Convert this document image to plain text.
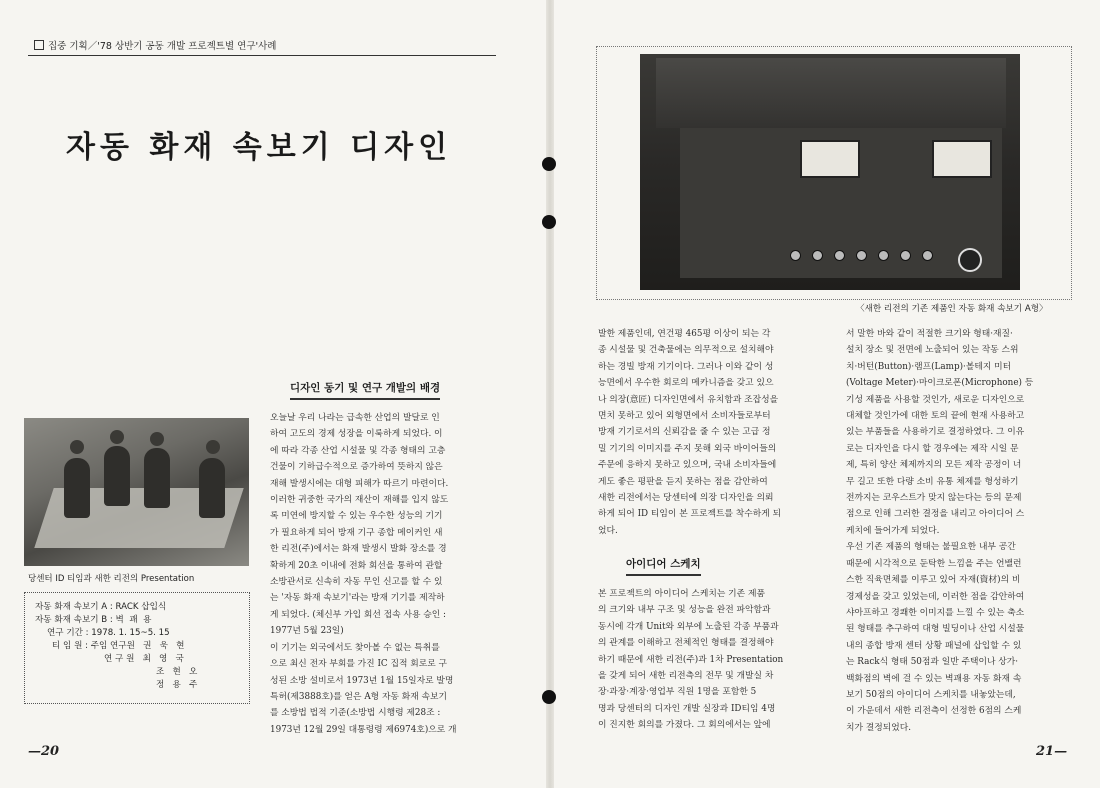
집중 기획／'78 상반기 공동 개발 프로젝트별 연구'사례
자동 화재 속보기 디자인
디자인 동기 및 연구 개발의 배경
오늘날 우리 나라는 급속한 산업의 발달로 인
하여 고도의 경제 성장을 이룩하게 되었다. 이
에 따라 각종 산업 시설물 및 각종 형태의 고층
건물이 기하급수적으로 증가하여 뜻하지 않은
재해 발생시에는 대형 피해가 따르기 마련이다.
이러한 귀중한 국가의 재산이 재해를 입지 않도
록 미연에 방지할 수 있는 우수한 성능의 기기
가 필요하게 되어 방재 기구 종합 메이커인 새
한 리전(주)에서는 화재 발생시 발화 장소를 경
확하게 20초 이내에 전화 회선을 통하여 관할
소방관서로 신속히 자동 무인 신고를 할 수 있
는 '자동 화재 속보기'라는 방재 기기를 제작하
게 되었다. (체신부 가입 회선 접속 사용 승인 :
1977년 5월 23일)
이 기기는 외국에서도 찾아볼 수 없는 특취를
으로 최신 전자 부회를 가진 IC 집적 회로로 구
성된 소방 설비로서 1973년 1월 15일자로 발명
특허(제3888호)를 얻은 A형 자동 화재 속보기
를 소방법 법적 기준(소방법 시행령 제28조 :
1973년 12월 29일 대통령령 제6974호)으로 개
당센터 ID 티임과 새한 리전의 Presentation
자동 화재 속보기 A : RACK 삽입식
자동 화재 속보기 B : 벽  괘  용
연구 기간 : 1978. 1. 15~5. 15
티 임 원 : 주임 연구원   권   욱   현
연 구 원   최   영   국
조   현   오
정   용   주
—20
〈새한 리전의 기존 제품인 자동 화재 속보기 A형〉
발한 제품인데, 연건평 465평 이상이 되는 각
종 시설물 및 건축물에는 의무적으로 설치해야
하는 경빌 방재 기기이다. 그러나 이와 같이 성
능면에서 우수한 회로의 메카니즘을 갖고 있으
나 의장(意匠) 디자인면에서 유치함과 조잡성을
면치 못하고 있어 외형면에서 소비자들로부터
방재 기기로서의 신뢰감을 줄 수 있는 고급 정
밀 기기의 이미지를 주지 못해 외국 바이어들의
주문에 응하지 못하고 있으며, 국내 소비자들에
게도 좋은 평판을 듣지 못하는 점을 감안하여
새한 리전에서는 당센터에 의장 디자인을 의뢰
하게 되어 ID 티임이 본 프로젝트를 착수하게 되
었다.
아이디어 스케치
본 프로젝트의 아이디어 스케치는 기존 제품
의 크기와 내부 구조 및 성능을 완전 파악함과
동시에 각개 Unit와 외부에 노출된 각종 부품과
의 관계를 이해하고 전체적인 형태를 결정해야
하기 때문에 새한 리전(주)과 1차 Presentation
을 갖게 되어 새한 리전측의 전무 및 개발실 차
장·과장·계장·영업부 직원 1명을 포함한 5
명과 당센터의 디자인 개발 실장과 ID티임 4명
이 진지한 회의를 가졌다. 그 회의에서는 앞에
서 말한 바와 같이 적절한 크기와 형태·재질·
설치 장소 및 전면에 노출되어 있는 작동 스위
치·버턴(Button)·램프(Lamp)·볼테지 미터
(Voltage Meter)·마이크로폰(Microphone) 등
기성 제품을 사용할 것인가, 새로운 디자인으로
대체할 것인가에 대한 토의 끝에 현재 사용하고
있는 부품들을 사용하기로 결정하였다. 그 이유
로는 디자인을 다시 할 경우에는 제작 시일 문
제, 특히 양산 체제까지의 모든 제작 공정이 너
무 길고 또한 다량 소비 유통 체제를 형성하기
전까지는 코우스트가 맞지 않는다는 등의 문제
점으로 인해 그러한 결정을 내리고 아이디어 스
케치에 들어가게 되었다.
우선 기존 제품의 형태는 불필요한 내부 공간
때문에 시각적으로 둔탁한 느낌을 주는 언밸런
스한 직육면체를 이루고 있어 자재(資材)의 비
경제성을 갖고 있었는데, 이러한 점을 감안하여
샤아프하고 경쾌한 이미지를 느낄 수 있는 축소
된 형태를 추구하여 대형 빌딩이나 산업 시설물
내의 종합 방재 센터 상황 패널에 삽입할 수 있
는 Rack식 형태 50점과 일반 주택이나 상가·
백화점의 벽에 걸 수 있는 벽괘용 자동 화재 속
보기 50점의 아이디어 스케치를 내놓았는데,
이 가운데서 새한 리전측이 선정한 6점의 스케
치가 결정되었다.
21—
